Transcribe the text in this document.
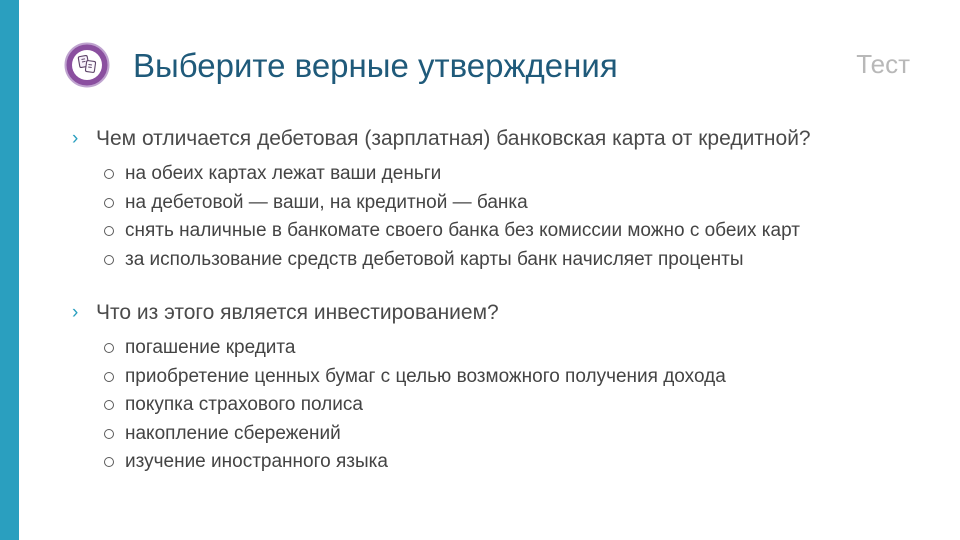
Выберите верные утверждения	Тест
› Чем отличается дебетовая (зарплатная) банковская карта от кредитной?
на обеих картах лежат ваши деньги
на дебетовой — ваши, на кредитной — банка
снять наличные в банкомате своего банка без комиссии можно с обеих карт
за использование средств дебетовой карты банк начисляет проценты
› Что из этого является инвестированием?
погашение кредита
приобретение ценных бумаг с целью возможного получения дохода
покупка страхового полиса
накопление сбережений
изучение иностранного языка
